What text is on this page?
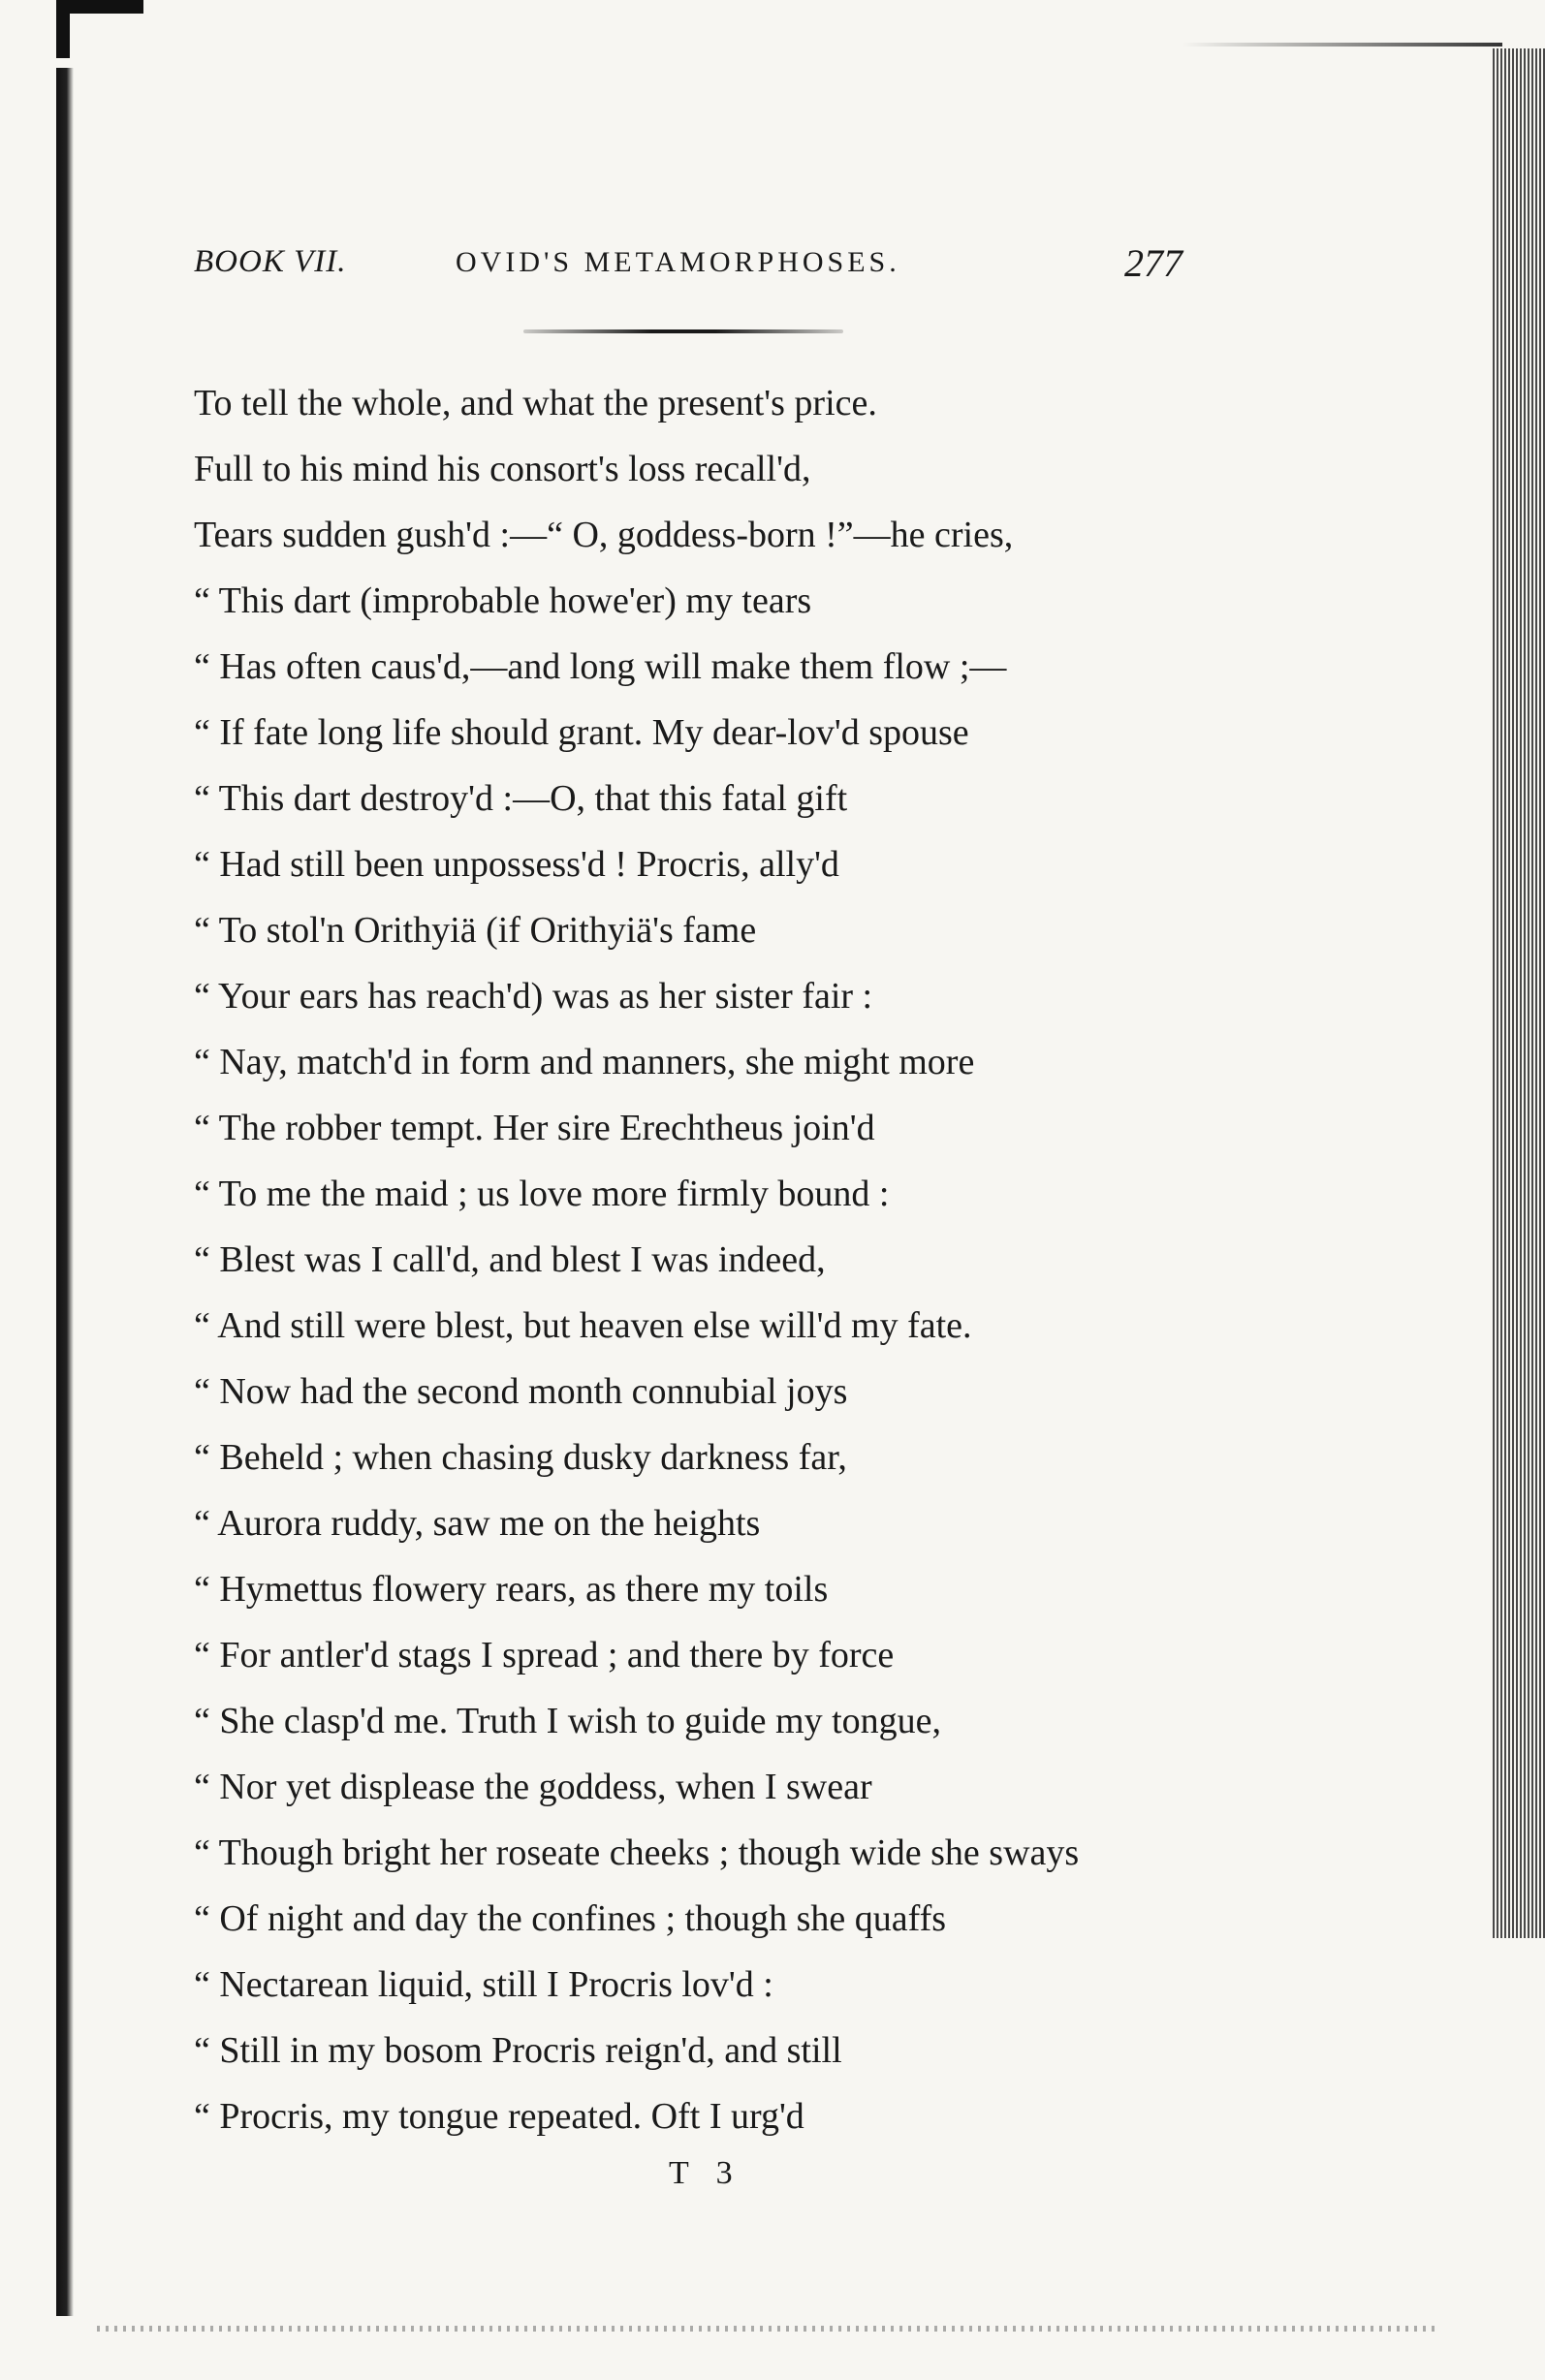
BOOK VII.	OVID'S METAMORPHOSES.	277
To tell the whole, and what the present's price.
Full to his mind his consort's loss recall'd,
Tears sudden gush'd :—“ O, goddess-born !”—he cries,
“ This dart (improbable howe'er) my tears
“ Has often caus'd,—and long will make them flow ;—
“ If fate long life should grant. My dear-lov'd spouse
“ This dart destroy'd :—O, that this fatal gift
“ Had still been unpossess'd ! Procris, ally'd
“ To stol'n Orithyiä (if Orithyiä's fame
“ Your ears has reach'd) was as her sister fair :
“ Nay, match'd in form and manners, she might more
“ The robber tempt. Her sire Erechtheus join'd
“ To me the maid ; us love more firmly bound :
“ Blest was I call'd, and blest I was indeed,
“ And still were blest, but heaven else will'd my fate.
“ Now had the second month connubial joys
“ Beheld ; when chasing dusky darkness far,
“ Aurora ruddy, saw me on the heights
“ Hymettus flowery rears, as there my toils
“ For antler'd stags I spread ; and there by force
“ She clasp'd me. Truth I wish to guide my tongue,
“ Nor yet displease the goddess, when I swear
“ Though bright her roseate cheeks ; though wide she sways
“ Of night and day the confines ; though she quaffs
“ Nectarean liquid, still I Procris lov'd :
“ Still in my bosom Procris reign'd, and still
“ Procris, my tongue repeated. Oft I urg'd
T 3
